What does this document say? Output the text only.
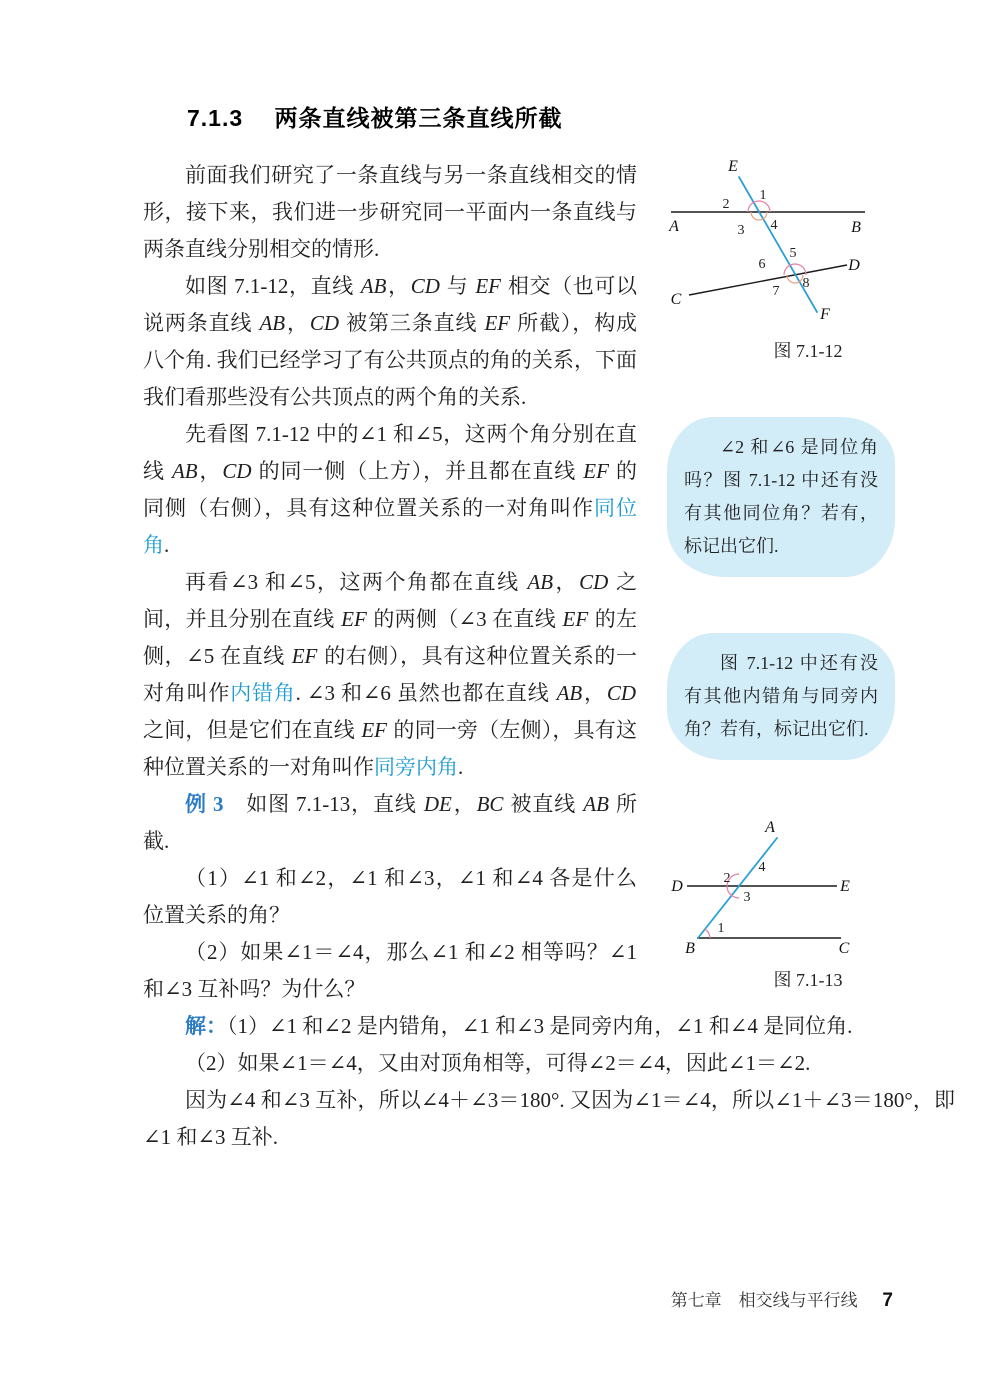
7.1.3 两条直线被第三条直线所截
E
A	B
C
D
F
1
2
3 4
5
6
7
8
图 7.1-12

∠2 和∠6 是同位角吗？图 7.1-12 中还有没有其他同位角？若有，标记出它们.

图 7.1-12 中还有没有其他内错角与同旁内角？若有，标记出它们.

A
D	E
B	C
4
2
3
1
图 7.1-13

前面我们研究了一条直线与另一条直线相交的情形，接下来，我们进一步研究同一平面内一条直线与两条直线分别相交的情形.

如图 7.1-12，直线 AB，CD 与 EF 相交（也可以说两条直线 AB，CD 被第三条直线 EF 所截），构成八个角. 我们已经学习了有公共顶点的角的关系，下面我们看那些没有公共顶点的两个角的关系.

先看图 7.1-12 中的∠1 和∠5，这两个角分别在直线 AB，CD 的同一侧（上方），并且都在直线 EF 的同侧（右侧），具有这种位置关系的一对角叫作同位角.

再看∠3 和∠5，这两个角都在直线 AB，CD 之间，并且分别在直线 EF 的两侧（∠3 在直线 EF 的左侧，∠5 在直线 EF 的右侧），具有这种位置关系的一对角叫作内错角. ∠3 和∠6 虽然也都在直线 AB，CD 之间，但是它们在直线 EF 的同一旁（左侧），具有这种位置关系的一对角叫作同旁内角.

例 3　如图 7.1-13，直线 DE，BC 被直线 AB 所截.

（1）∠1 和∠2，∠1 和∠3，∠1 和∠4 各是什么位置关系的角？

（2）如果∠1＝∠4，那么∠1 和∠2 相等吗？∠1 和∠3 互补吗？为什么？

解：（1）∠1 和∠2 是内错角，∠1 和∠3 是同旁内角，∠1 和∠4 是同位角.

（2）如果∠1＝∠4，又由对顶角相等，可得∠2＝∠4，因此∠1＝∠2.

因为∠4 和∠3 互补，所以∠4＋∠3＝180°. 又因为∠1＝∠4，所以∠1＋∠3＝180°，即∠1 和∠3 互补.

第七章　相交线与平行线 7
